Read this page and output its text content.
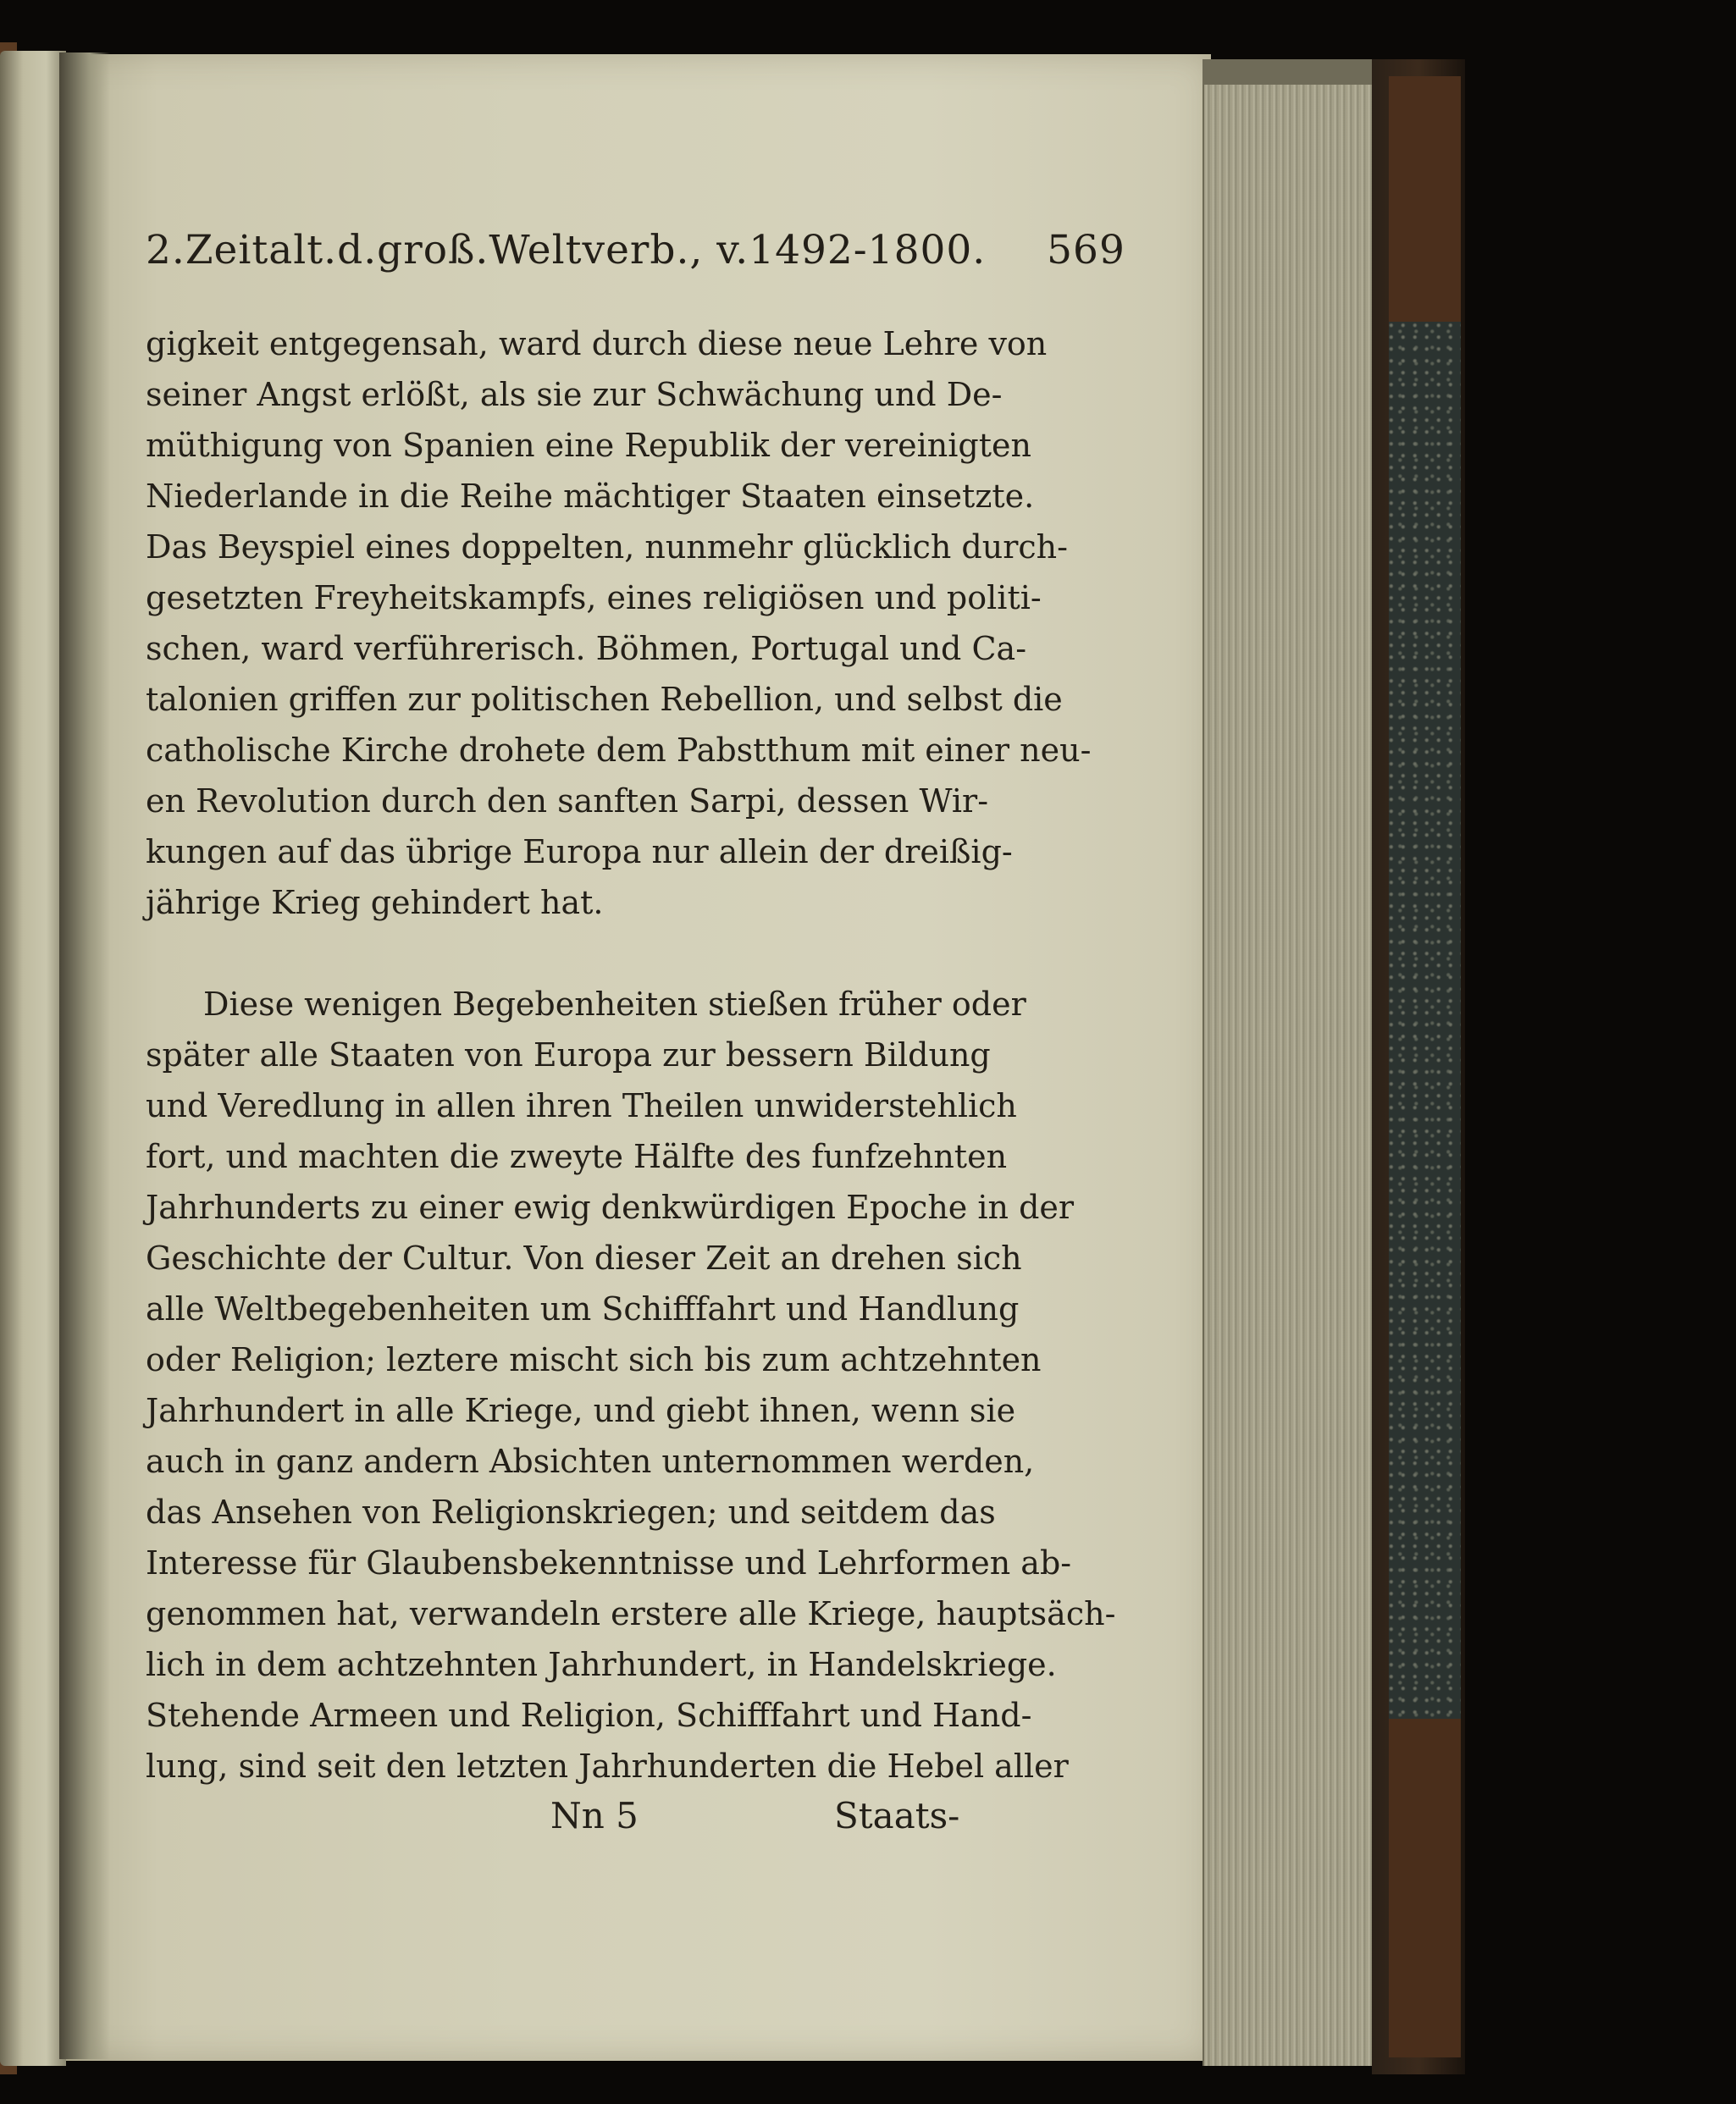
2.Zeitalt.d.groß.Weltverb., v.1492-1800. 569
gigkeit entgegensah, ward durch diese neue Lehre von
seiner Angst erlößt, als sie zur Schwächung und De-
müthigung von Spanien eine Republik der vereinigten
Niederlande in die Reihe mächtiger Staaten einsetzte.
Das Beyspiel eines doppelten, nunmehr glücklich durch-
gesetzten Freyheitskampfs, eines religiösen und politi-
schen, ward verführerisch. Böhmen, Portugal und Ca-
talonien griffen zur politischen Rebellion, und selbst die
catholische Kirche drohete dem Pabstthum mit einer neu-
en Revolution durch den sanften Sarpi, dessen Wir-
kungen auf das übrige Europa nur allein der dreißig-
jährige Krieg gehindert hat.
Diese wenigen Begebenheiten stießen früher oder
später alle Staaten von Europa zur bessern Bildung
und Veredlung in allen ihren Theilen unwiderstehlich
fort, und machten die zweyte Hälfte des funfzehnten
Jahrhunderts zu einer ewig denkwürdigen Epoche in der
Geschichte der Cultur. Von dieser Zeit an drehen sich
alle Weltbegebenheiten um Schifffahrt und Handlung
oder Religion; leztere mischt sich bis zum achtzehnten
Jahrhundert in alle Kriege, und giebt ihnen, wenn sie
auch in ganz andern Absichten unternommen werden,
das Ansehen von Religionskriegen; und seitdem das
Interesse für Glaubensbekenntnisse und Lehrformen ab-
genommen hat, verwandeln erstere alle Kriege, hauptsäch-
lich in dem achtzehnten Jahrhundert, in Handelskriege.
Stehende Armeen und Religion, Schifffahrt und Hand-
lung, sind seit den letzten Jahrhunderten die Hebel aller
Nn 5	Staats-
